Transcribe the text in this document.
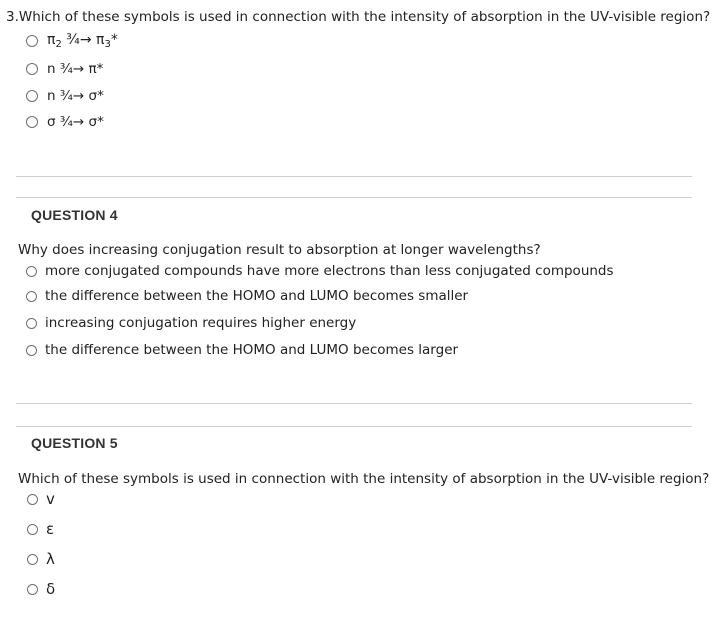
3.Which of these symbols is used in connection with the intensity of absorption in the UV-visible region?
$\pi_2$ ¾→ $\pi_3*$
n ¾→ π*
n ¾→ σ*
σ ¾→ σ*
QUESTION 4
Why does increasing conjugation result to absorption at longer wavelengths?
more conjugated compounds have more electrons than less conjugated compounds
the difference between the HOMO and LUMO becomes smaller
increasing conjugation requires higher energy
the difference between the HOMO and LUMO becomes larger
QUESTION 5
Which of these symbols is used in connection with the intensity of absorption in the UV-visible region?
v
ε
λ
δ
